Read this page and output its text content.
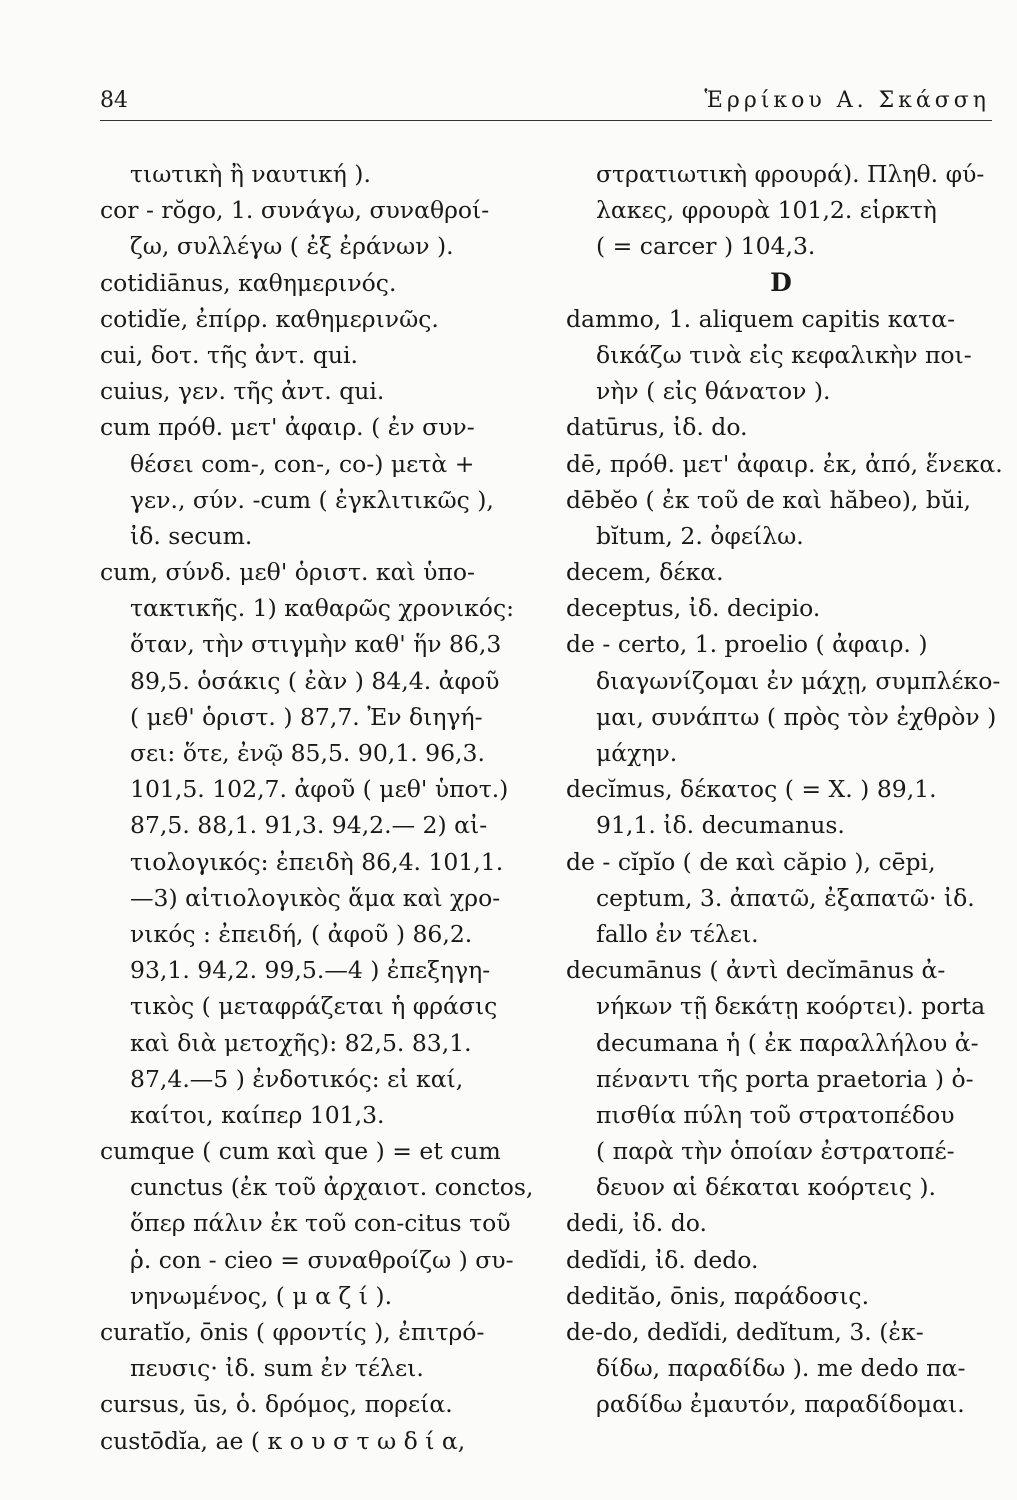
84	Ἑρρίκου Α. Σκάσση
τιωτικὴ ἢ ναυτική ).
cor - rŏgo, 1. συνάγω, συναθροί-
ζω, συλλέγω ( ἐξ ἐράνων ).
cotidiānus, καθημερινός.
cotidĭe, ἐπίρρ. καθημερινῶς.
cui, δοτ. τῆς ἀντ. qui.
cuius, γεν. τῆς ἀντ. qui.
cum πρόθ. μετ' ἀφαιρ. ( ἐν συν-
θέσει com-, con-, co-) μετὰ +
γεν., σύν. -cum ( ἐγκλιτικῶς ),
ἰδ. secum.
cum, σύνδ. μεθ' ὁριστ. καὶ ὑπο-
τακτικῆς. 1) καθαρῶς χρονικός:
ὅταν, τὴν στιγμὴν καθ' ἥν 86,3
89,5. ὁσάκις ( ἐὰν ) 84,4. ἀφοῦ
( μεθ' ὁριστ. ) 87,7. Ἐν διηγή-
σει: ὅτε, ἐνῷ 85,5. 90,1. 96,3.
101,5. 102,7. ἀφοῦ ( μεθ' ὑποτ.)
87,5. 88,1. 91,3. 94,2.— 2) αἰ-
τιολογικός: ἐπειδὴ 86,4. 101,1.
—3) αἰτιολογικὸς ἅμα καὶ χρο-
νικός : ἐπειδή, ( ἀφοῦ ) 86,2.
93,1. 94,2. 99,5.—4 ) ἐπεξηγη-
τικὸς ( μεταφράζεται ἡ φράσις
καὶ διὰ μετοχῆς): 82,5. 83,1.
87,4.—5 ) ἐνδοτικός: εἰ καί,
καίτοι, καίπερ 101,3.
cumque ( cum καὶ que ) = et cum
cunctus (ἐκ τοῦ ἀρχαιοτ. conctos,
ὅπερ πάλιν ἐκ τοῦ con-citus τοῦ
ῥ. con - cieo = συναθροίζω ) συ-
νηνωμένος, ( μ α ζ ί ).
curatĭo, ōnis ( φροντίς ), ἐπιτρό-
πευσις· ἰδ. sum ἐν τέλει.
cursus, ūs, ὁ. δρόμος, πορεία.
custōdĭa, ae ( κ ο υ σ τ ω δ ί α,
στρατιωτικὴ φρουρά). Πληθ. φύ-
λακες, φρουρὰ 101,2. εἱρκτὴ
( = carcer ) 104,3.
D
dammo, 1. aliquem capitis κατα-
δικάζω τινὰ εἰς κεφαλικὴν ποι-
νὴν ( εἰς θάνατον ).
datūrus, ἰδ. do.
dē, πρόθ. μετ' ἀφαιρ. ἐκ, ἀπό, ἕνεκα.
dēbĕo ( ἐκ τοῦ de καὶ hăbeo), bŭi,
bĭtum, 2. ὀφείλω.
decem, δέκα.
deceptus, ἰδ. decipio.
de - certo, 1. proelio ( ἀφαιρ. )
διαγωνίζομαι ἐν μάχῃ, συμπλέκο-
μαι, συνάπτω ( πρὸς τὸν ἐχθρὸν )
μάχην.
decĭmus, δέκατος ( = X. ) 89,1.
91,1. ἰδ. decumanus.
de - cĭpĭo ( de καὶ căpio ), cēpi,
ceptum, 3. ἀπατῶ, ἐξαπατῶ· ἰδ.
fallo ἐν τέλει.
decumānus ( ἀντὶ decĭmānus ἀ-
νήκων τῇ δεκάτῃ κοόρτει). porta
decumana ἡ ( ἐκ παραλλήλου ἀ-
πέναντι τῆς porta praetoria ) ὀ-
πισθία πύλη τοῦ στρατοπέδου
( παρὰ τὴν ὁποίαν ἐστρατοπέ-
δευον αἱ δέκαται κοόρτεις ).
dedi, ἰδ. do.
dedĭdi, ἰδ. dedo.
dedităo, ōnis, παράδοσις.
de-do, dedĭdi, dedĭtum, 3. (ἐκ-
δίδω, παραδίδω ). me dedo πα-
ραδίδω ἐμαυτόν, παραδίδομαι.
